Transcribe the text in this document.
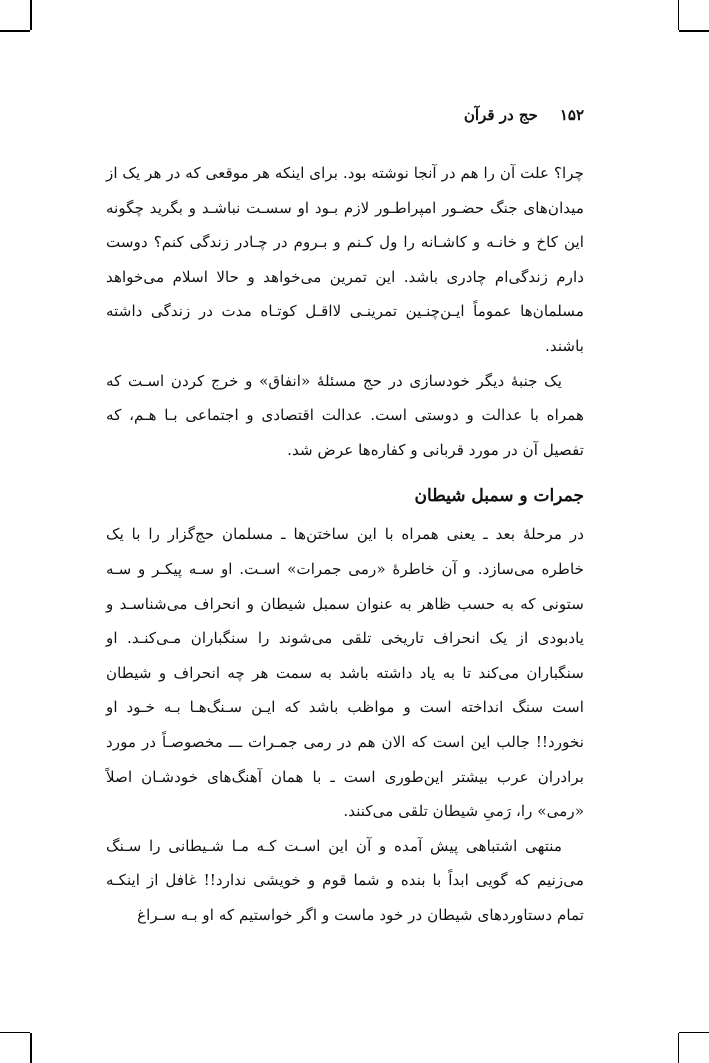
۱۵۲
حج در قرآن

چرا؟ علت آن را هم در آنجا نوشته بود. برای اینکه هر موقعی که در هر یک از میدان‌های جنگ حضـور امپراطـور لازم بـود او سسـت نباشـد و بگرید چگونه این کاخ و خانـه و کاشـانه را ول کـنم و بـروم در چـادر زندگی کنم؟ دوست دارم زندگی‌ام چادری باشد. این تمرین می‌خواهد و حالا اسلام می‌خواهد مسلمان‌ها عموماً ایـن‌چنـین تمرینـی لااقـل کوتـاه مدت در زندگی داشته باشند.

یک جنبهٔ دیگر خودسازی در حج مسئلهٔ «انفاق» و خرج کردن اسـت که همراه با عدالت و دوستی است. عدالت اقتصادی و اجتماعی بـا هـم، که تفصیل آن در مورد قربانی و کفاره‌ها عرض شد.

جمرات و سمبل شیطان

در مرحلهٔ بعد ـ یعنی همراه با این ساختن‌ها ـ مسلمان حج‌گزار را با یک خاطره می‌سازد. و آن خاطرهٔ «رمی جمرات» اسـت. او سـه پیکـر و سـه ستونی که به حسب ظاهر به عنوان سمبل شیطان و انحراف می‌شناسـد و یادبودی از یک انحراف تاریخی تلقی می‌شوند را سنگباران مـی‌کنـد. او سنگباران می‌کند تا به یاد داشته باشد به سمت هر چه انحراف و شیطان است سنگ انداخته است و مواظب باشد که ایـن سـنگ‌هـا بـه خـود او نخورد!! جالب این است که الان هم در رمی جمـرات ـــ مخصوصـاً در مورد برادران عرب بیشتر این‌طوری است ـ با همان آهنگ‌های خودشـان اصلاً «رمی» را، رَمیِ شیطان تلقی می‌کنند.

منتهی اشتباهی پیش آمده و آن این اسـت کـه مـا شـیطانی را سـنگ می‌زنیم که گویی ابداً با بنده و شما قوم و خویشی ندارد!! غافل از اینکـه تمام دستاوردهای شیطان در خود ماست و اگر خواستیم که او بـه سـراغ
